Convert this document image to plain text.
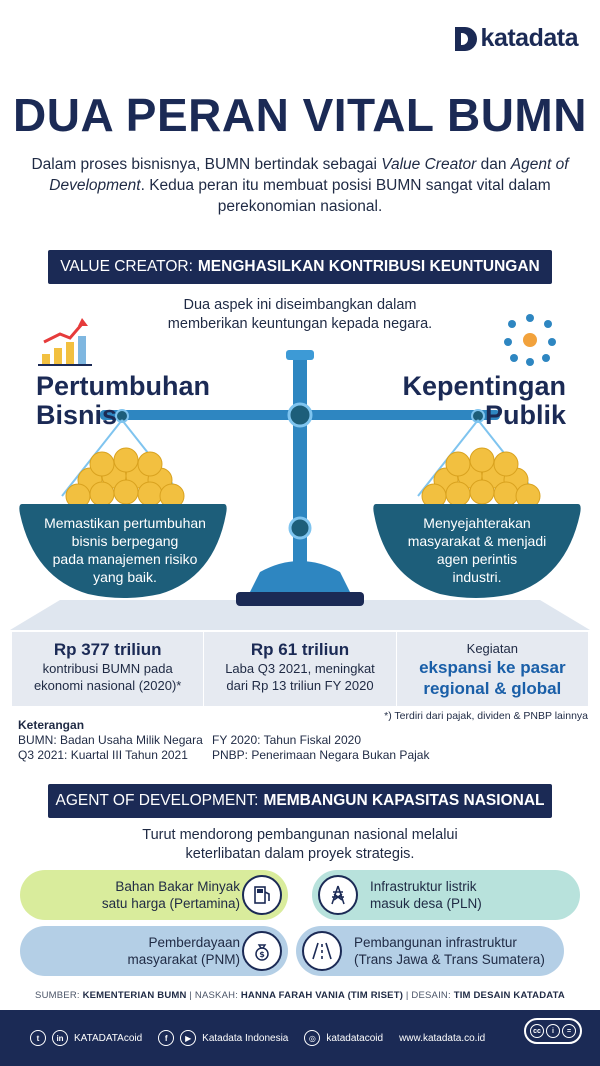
katadata
DUA PERAN VITAL BUMN
Dalam proses bisnisnya, BUMN bertindak sebagai Value Creator dan Agent of Development. Kedua peran itu membuat posisi BUMN sangat vital dalam perekonomian nasional.
VALUE CREATOR: MENGHASILKAN KONTRIBUSI KEUNTUNGAN
Dua aspek ini diseimbangkan dalam
memberikan keuntungan kepada negara.
Pertumbuhan
Bisnis
Kepentingan
Publik
Memastikan pertumbuhan
bisnis berpegang
pada manajemen risiko
yang baik.
Menyejahterakan
masyarakat & menjadi
agen perintis
industri.
Rp 377 triliun
kontribusi BUMN pada
ekonomi nasional (2020)*
Rp 61 triliun
Laba Q3 2021, meningkat
dari Rp 13 triliun FY 2020
Kegiatan
ekspansi ke pasar
regional & global
*) Terdiri dari pajak, dividen & PNBP lainnya
Keterangan
BUMN: Badan Usaha Milik Negara FY 2020: Tahun Fiskal 2020
Q3 2021: Kuartal III Tahun 2021	PNBP: Penerimaan Negara Bukan Pajak
AGENT OF DEVELOPMENT: MEMBANGUN KAPASITAS NASIONAL
Turut mendorong pembangunan nasional melalui
keterlibatan dalam proyek strategis.
Bahan Bakar Minyak
satu harga (Pertamina)
Infrastruktur listrik
masuk desa (PLN)
Pemberdayaan
masyarakat (PNM) $
Pembangunan infrastruktur
(Trans Jawa & Trans Sumatera)
SUMBER: KEMENTERIAN BUMN | NASKAH: HANNA FARAH VANIA (TIM RISET) | DESAIN: TIM DESAIN KATADATA
t	in	KATADATAcoid	f	▶	Katadata Indonesia	◎	katadatacoid www.katadata.co.id
cc	i	=
